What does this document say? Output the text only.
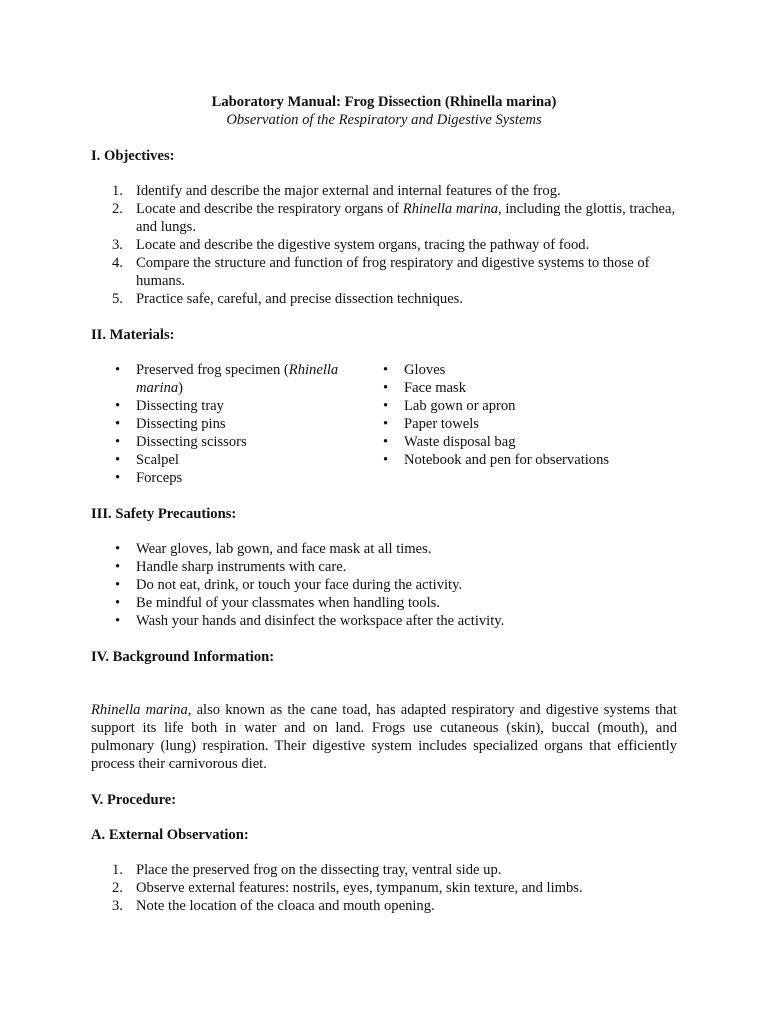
Laboratory Manual: Frog Dissection (Rhinella marina)

Observation of the Respiratory and Digestive Systems

I. Objectives:
1. Identify and describe the major external and internal features of the frog.
2. Locate and describe the respiratory organs of Rhinella marina, including the glottis, trachea, and lungs.
3. Locate and describe the digestive system organs, tracing the pathway of food.
4. Compare the structure and function of frog respiratory and digestive systems to those of humans.
5. Practice safe, careful, and precise dissection techniques.
II. Materials:
• Preserved frog specimen (Rhinella marina)
• Dissecting tray
• Dissecting pins
• Dissecting scissors
• Scalpel
• Forceps
• Gloves
• Face mask
• Lab gown or apron
• Paper towels
• Waste disposal bag
• Notebook and pen for observations
III. Safety Precautions:
• Wear gloves, lab gown, and face mask at all times.
• Handle sharp instruments with care.
• Do not eat, drink, or touch your face during the activity.
• Be mindful of your classmates when handling tools.
• Wash your hands and disinfect the workspace after the activity.
IV. Background Information:

Rhinella marina, also known as the cane toad, has adapted respiratory and digestive systems that support its life both in water and on land. Frogs use cutaneous (skin), buccal (mouth), and pulmonary (lung) respiration. Their digestive system includes specialized organs that efficiently process their carnivorous diet.

V. Procedure:
A. External Observation:
1. Place the preserved frog on the dissecting tray, ventral side up.
2. Observe external features: nostrils, eyes, tympanum, skin texture, and limbs.
3. Note the location of the cloaca and mouth opening.
